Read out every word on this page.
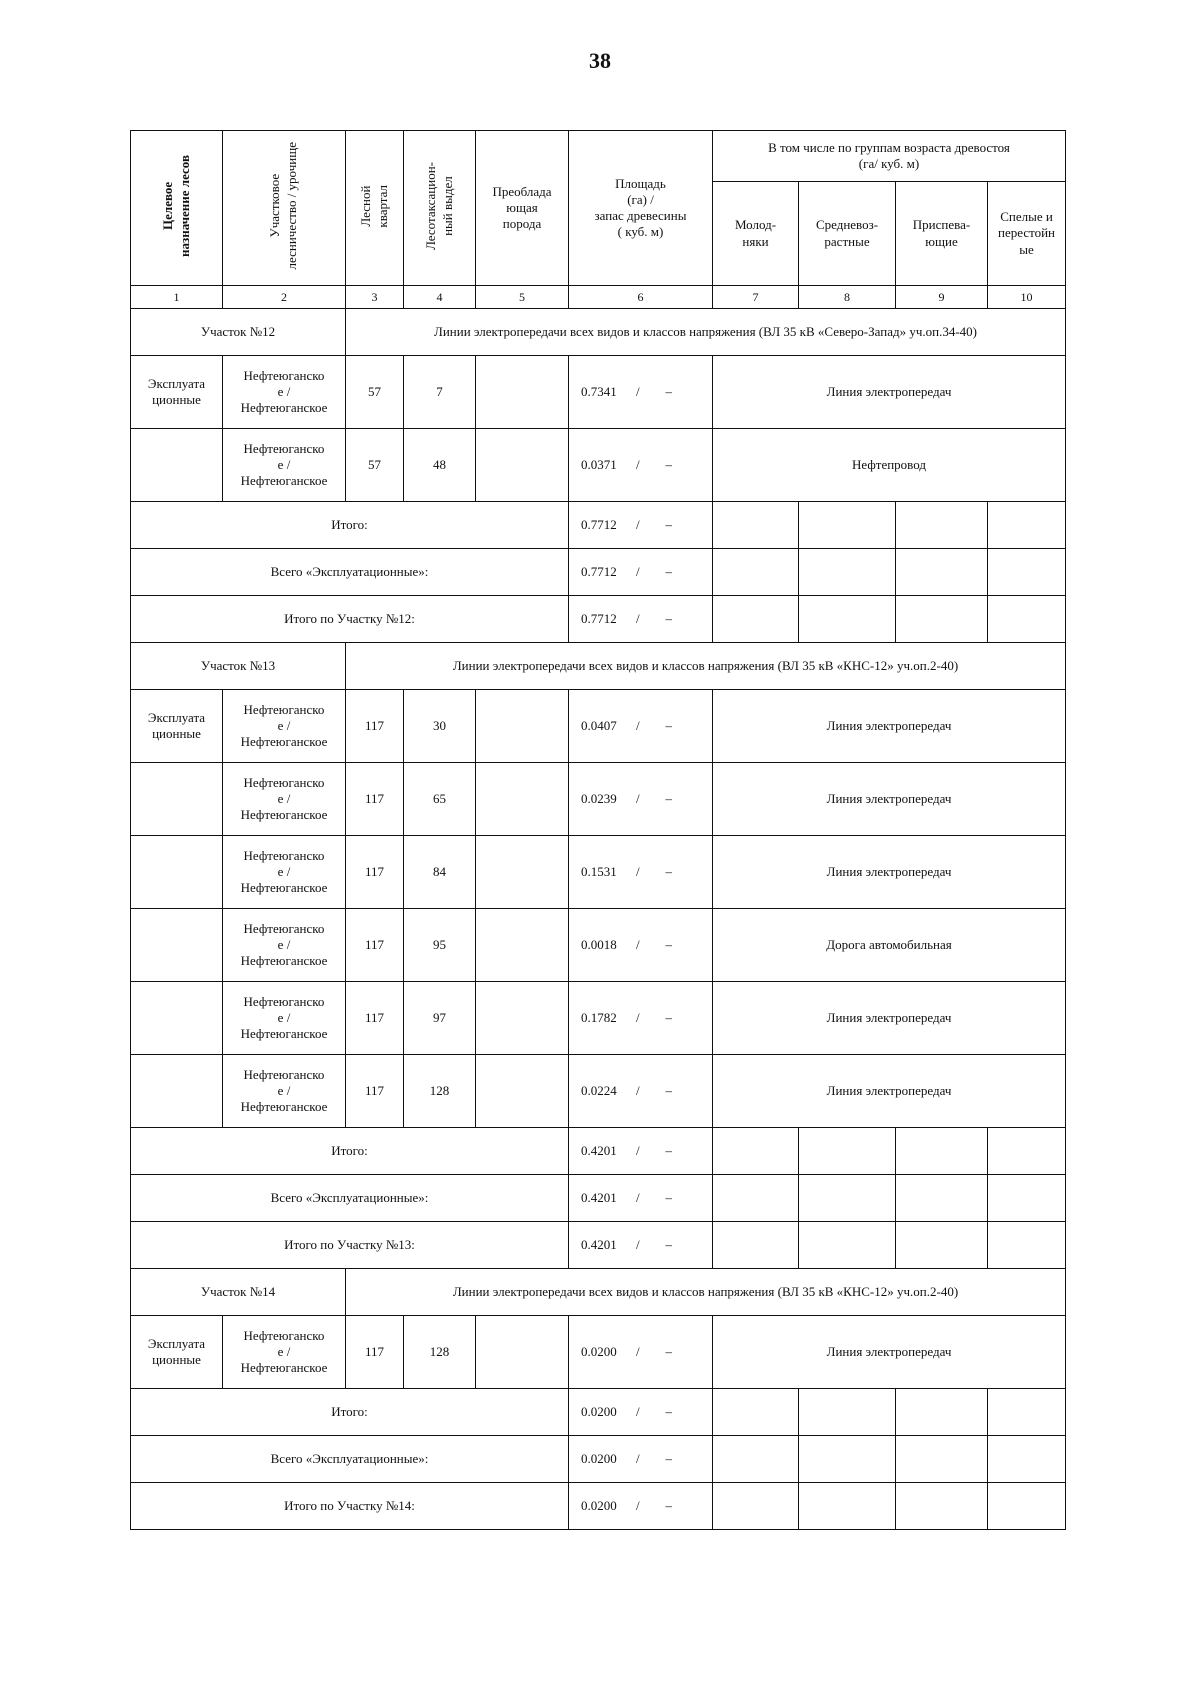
38
Целевое
назначение лесов	Участковое
лесничество / урочище	Лесной
квартал	Лесотаксацион-
ный выдел	Преоблада
ющая
порода	Площадь
(га) /
запас древесины
( куб. м)	В том числе по группам возраста древостоя
(га/ куб. м)			
						Молод-
няки	Средневоз-
растные	Приспева-
ющие	Спелые и
перестойн
ые
1	2	3	4	5	6	7	8	9	10
Участок №12		Линии электропередачи всех видов и классов напряжения (ВЛ 35 кВ «Северо-Запад» уч.оп.34-40)							
Эксплуата
ционные	Нефтеюганско
е /
Нефтеюганское	57	7		0.7341 / –	Линия электропередач			
	Нефтеюганско
е /
Нефтеюганское	57	48		0.0371 / –	Нефтепровод			
Итого:					0.7712 / –				
Всего «Эксплуатационные»:					0.7712 / –				
Итого по Участку №12:					0.7712 / –				
Участок №13		Линии электропередачи всех видов и классов напряжения (ВЛ 35 кВ «КНС-12» уч.оп.2-40)							
Эксплуата
ционные	Нефтеюганско
е /
Нефтеюганское	117	30		0.0407 / –	Линия электропередач			
	Нефтеюганско
е /
Нефтеюганское	117	65		0.0239 / –	Линия электропередач			
	Нефтеюганско
е /
Нефтеюганское	117	84		0.1531 / –	Линия электропередач			
	Нефтеюганско
е /
Нефтеюганское	117	95		0.0018 / –	Дорога автомобильная			
	Нефтеюганско
е /
Нефтеюганское	117	97		0.1782 / –	Линия электропередач			
	Нефтеюганско
е /
Нефтеюганское	117	128		0.0224 / –	Линия электропередач			
Итого:					0.4201 / –				
Всего «Эксплуатационные»:					0.4201 / –				
Итого по Участку №13:					0.4201 / –				
Участок №14		Линии электропередачи всех видов и классов напряжения (ВЛ 35 кВ «КНС-12» уч.оп.2-40)							
Эксплуата
ционные	Нефтеюганско
е /
Нефтеюганское	117	128		0.0200 / –	Линия электропередач			
Итого:					0.0200 / –				
Всего «Эксплуатационные»:					0.0200 / –				
Итого по Участку №14:					0.0200 / –				
